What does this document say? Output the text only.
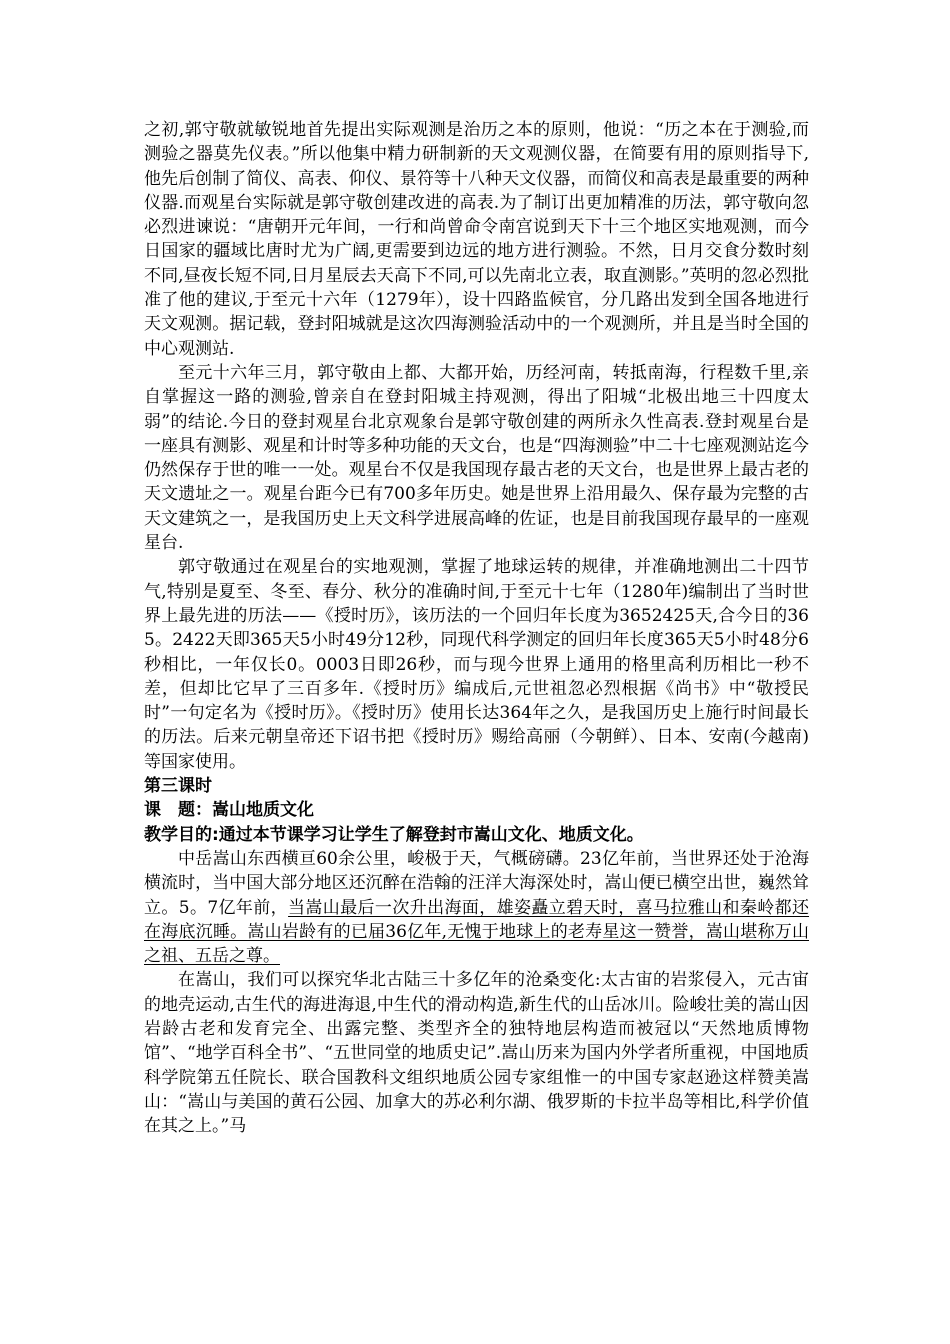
之初,郭守敬就敏锐地首先提出实际观测是治历之本的原则，他说：“历之本在于测验,而测验之器莫先仪表。”所以他集中精力研制新的天文观测仪器，在简要有用的原则指导下,他先后创制了简仪、高表、仰仪、景符等十八种天文仪器，而简仪和高表是最重要的两种仪器.而观星台实际就是郭守敬创建改进的高表.为了制订出更加精准的历法，郭守敬向忽必烈进谏说：“唐朝开元年间，一行和尚曾命令南宫说到天下十三个地区实地观测，而今日国家的疆域比唐时尤为广阔,更需要到边远的地方进行测验。不然，日月交食分数时刻不同,昼夜长短不同,日月星辰去天高下不同,可以先南北立表，取直测影。”英明的忽必烈批准了他的建议,于至元十六年（1279年），设十四路监候官，分几路出发到全国各地进行天文观测。据记载，登封阳城就是这次四海测验活动中的一个观测所，并且是当时全国的中心观测站.

至元十六年三月，郭守敬由上都、大都开始，历经河南，转抵南海，行程数千里,亲自掌握这一路的测验,曾亲自在登封阳城主持观测，得出了阳城“北极出地三十四度太弱”的结论.今日的登封观星台北京观象台是郭守敬创建的两所永久性高表.登封观星台是一座具有测影、观星和计时等多种功能的天文台，也是“四海测验”中二十七座观测站迄今仍然保存于世的唯一一处。观星台不仅是我国现存最古老的天文台，也是世界上最古老的天文遗址之一。观星台距今已有700多年历史。她是世界上沿用最久、保存最为完整的古天文建筑之一，是我国历史上天文科学进展高峰的佐证，也是目前我国现存最早的一座观星台.

郭守敬通过在观星台的实地观测，掌握了地球运转的规律，并准确地测出二十四节气,特别是夏至、冬至、春分、秋分的准确时间,于至元十七年（1280年)编制出了当时世界上最先进的历法——《授时历》，该历法的一个回归年长度为3652425天,合今日的365。2422天即365天5小时49分12秒，同现代科学测定的回归年长度365天5小时48分6秒相比，一年仅长0。0003日即26秒，而与现今世界上通用的格里高利历相比一秒不差，但却比它早了三百多年.《授时历》编成后,元世祖忽必烈根据《尚书》中“敬授民时”一句定名为《授时历》。《授时历》使用长达364年之久，是我国历史上施行时间最长的历法。后来元朝皇帝还下诏书把《授时历》赐给高丽（今朝鲜）、日本、安南(今越南)等国家使用。

第三课时

课　题：嵩山地质文化

教学目的:通过本节课学习让学生了解登封市嵩山文化、地质文化。

中岳嵩山东西横亘60余公里，峻极于天，气概磅礴。23亿年前，当世界还处于沧海横流时，当中国大部分地区还沉醉在浩翰的汪洋大海深处时，嵩山便已横空出世，巍然耸立。5。7亿年前，当嵩山最后一次升出海面，雄姿矗立碧天时，喜马拉雅山和秦岭都还在海底沉睡。嵩山岩龄有的已届36亿年,无愧于地球上的老寿星这一赞誉，嵩山堪称万山之祖、五岳之尊。

在嵩山，我们可以探究华北古陆三十多亿年的沧桑变化:太古宙的岩浆侵入，元古宙的地壳运动,古生代的海进海退,中生代的滑动构造,新生代的山岳冰川。险峻壮美的嵩山因岩龄古老和发育完全、出露完整、类型齐全的独特地层构造而被冠以“天然地质博物馆”、“地学百科全书”、“五世同堂的地质史记”.嵩山历来为国内外学者所重视，中国地质科学院第五任院长、联合国教科文组织地质公园专家组惟一的中国专家赵逊这样赞美嵩山：“嵩山与美国的黄石公园、加拿大的苏必利尔湖、俄罗斯的卡拉半岛等相比,科学价值在其之上。”马
